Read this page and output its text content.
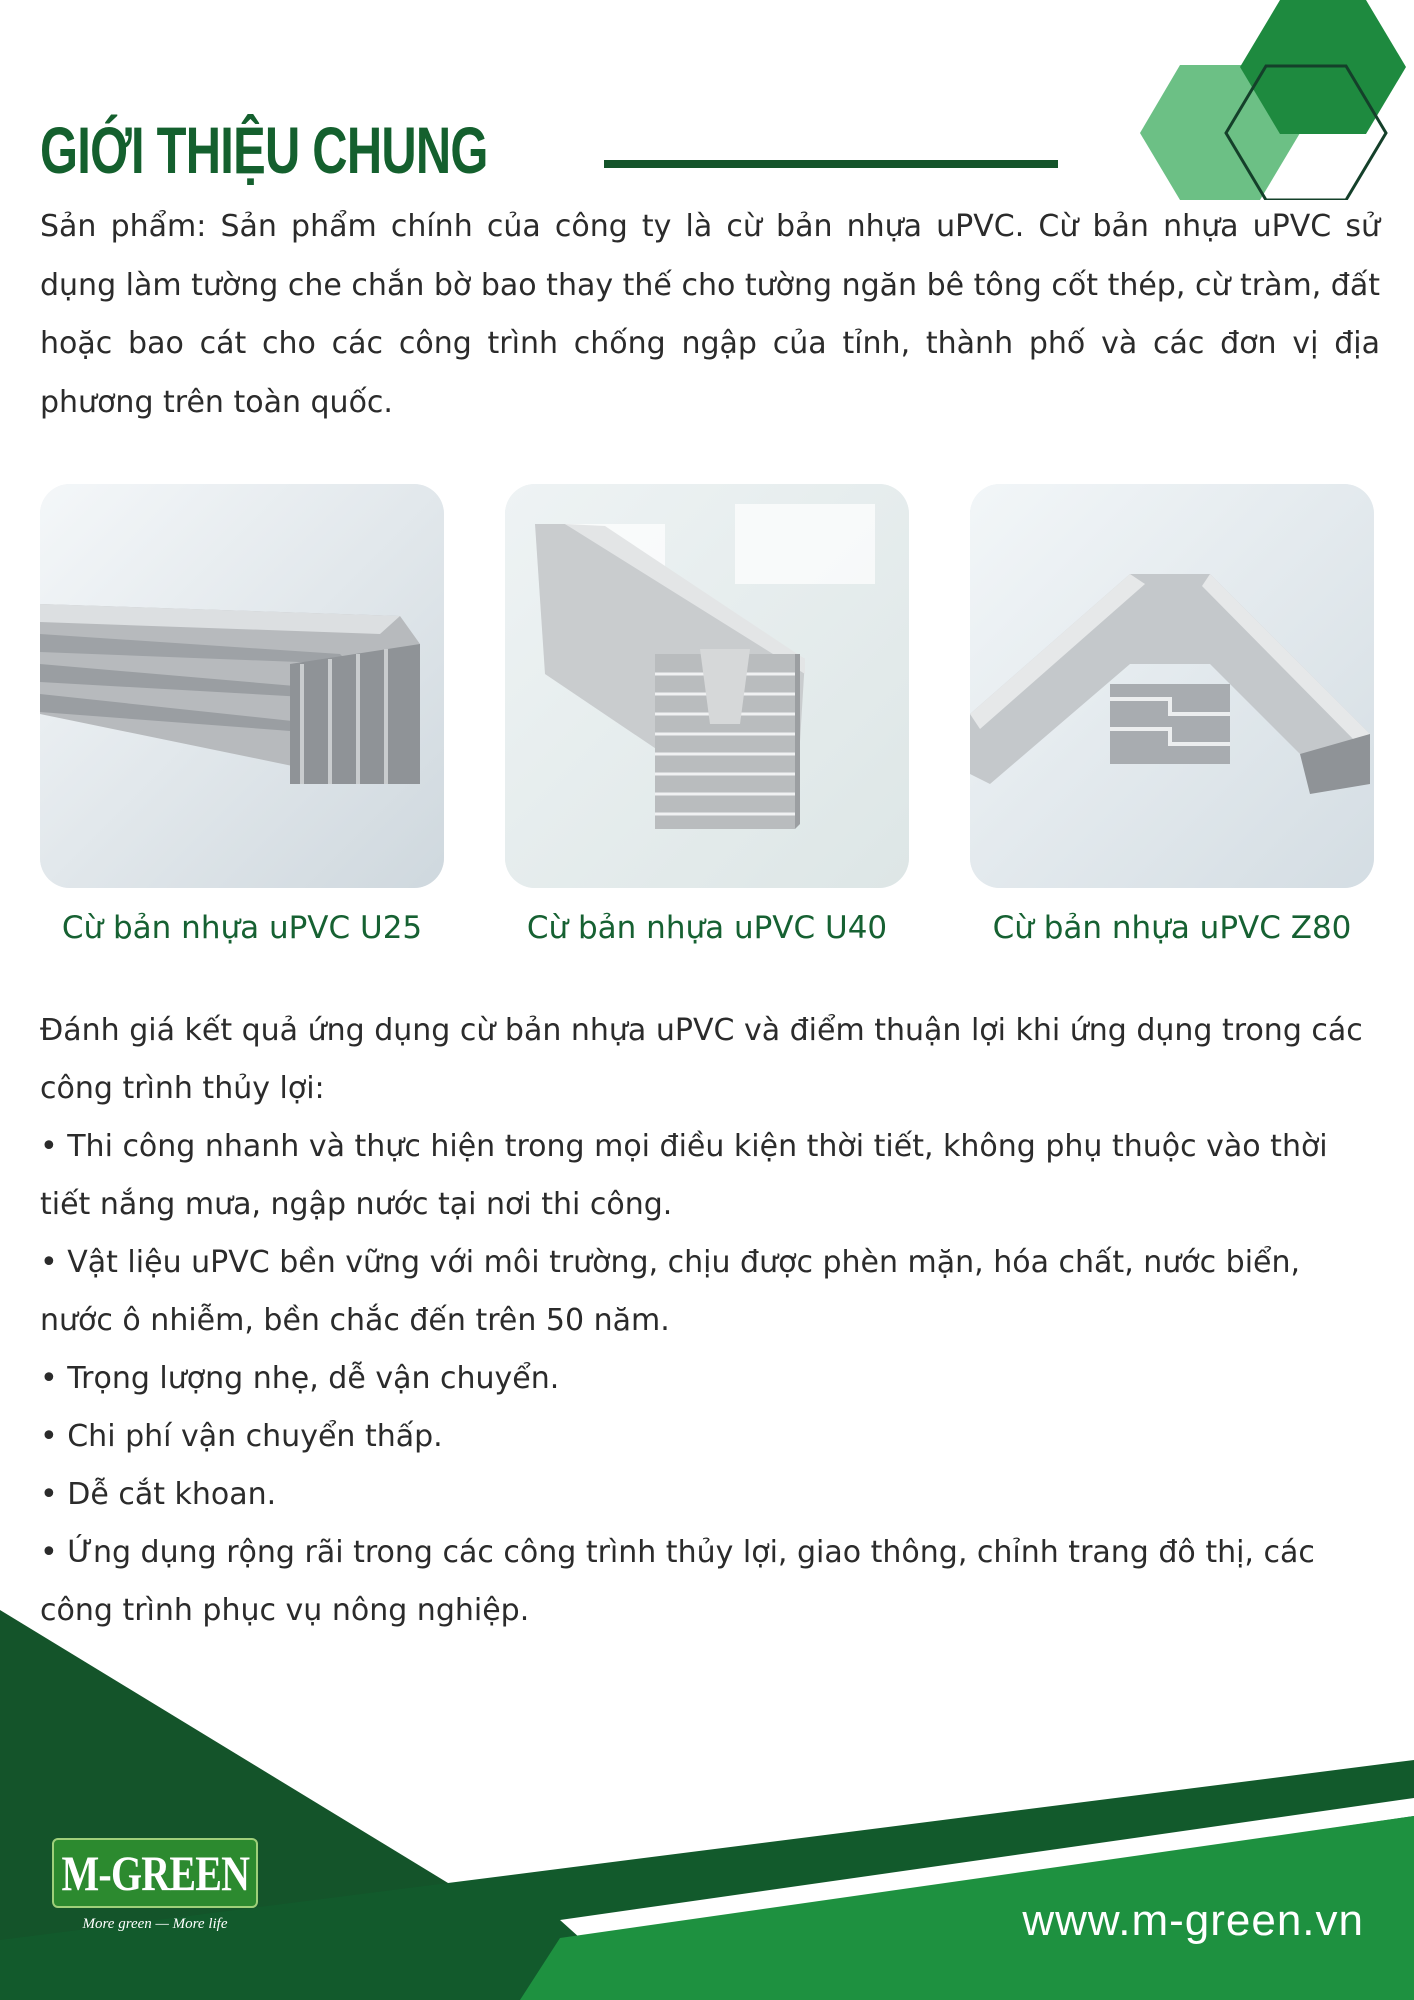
GIỚI THIỆU CHUNG

Sản phẩm: Sản phẩm chính của công ty là cừ bản nhựa uPVC. Cừ bản nhựa uPVC sử dụng làm tường che chắn bờ bao thay thế cho tường ngăn bê tông cốt thép, cừ tràm, đất hoặc bao cát cho các công trình chống ngập của tỉnh, thành phố và các đơn vị địa phương trên toàn quốc.

Cừ bản nhựa uPVC U25	Cừ bản nhựa uPVC U40	Cừ bản nhựa uPVC Z80

Đánh giá kết quả ứng dụng cừ bản nhựa uPVC và điểm thuận lợi khi ứng dụng trong các công trình thủy lợi:

• Thi công nhanh và thực hiện trong mọi điều kiện thời tiết, không phụ thuộc vào thời tiết nắng mưa, ngập nước tại nơi thi công.

• Vật liệu uPVC bền vững với môi trường, chịu được phèn mặn, hóa chất, nước biển, nước ô nhiễm, bền chắc đến trên 50 năm.

• Trọng lượng nhẹ, dễ vận chuyển.

• Chi phí vận chuyển thấp.

• Dễ cắt khoan.

• Ứng dụng rộng rãi trong các công trình thủy lợi, giao thông, chỉnh trang đô thị, các công trình phục vụ nông nghiệp.

M-GREEN
More green — More life	www.m-green.vn
